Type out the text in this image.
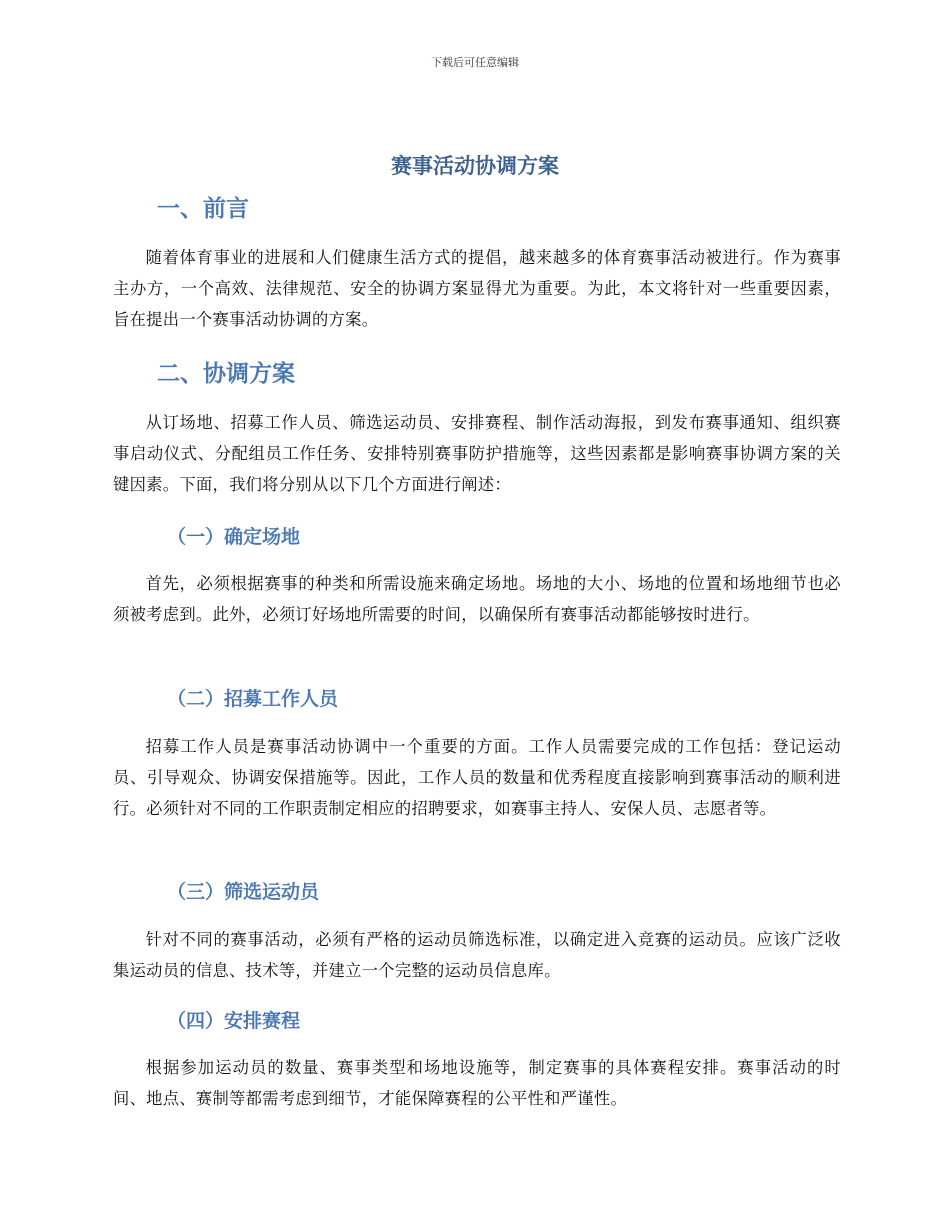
下载后可任意编辑
赛事活动协调方案
一、前言
随着体育事业的进展和人们健康生活方式的提倡，越来越多的体育赛事活动被进行。作为赛事主办方，一个高效、法律规范、安全的协调方案显得尤为重要。为此，本文将针对一些重要因素，旨在提出一个赛事活动协调的方案。
二、协调方案
从订场地、招募工作人员、筛选运动员、安排赛程、制作活动海报，到发布赛事通知、组织赛事启动仪式、分配组员工作任务、安排特别赛事防护措施等，这些因素都是影响赛事协调方案的关键因素。下面，我们将分别从以下几个方面进行阐述：
（一）确定场地
首先，必须根据赛事的种类和所需设施来确定场地。场地的大小、场地的位置和场地细节也必须被考虑到。此外，必须订好场地所需要的时间，以确保所有赛事活动都能够按时进行。
（二）招募工作人员
招募工作人员是赛事活动协调中一个重要的方面。工作人员需要完成的工作包括：登记运动员、引导观众、协调安保措施等。因此，工作人员的数量和优秀程度直接影响到赛事活动的顺利进行。必须针对不同的工作职责制定相应的招聘要求，如赛事主持人、安保人员、志愿者等。
（三）筛选运动员
针对不同的赛事活动，必须有严格的运动员筛选标准，以确定进入竞赛的运动员。应该广泛收集运动员的信息、技术等，并建立一个完整的运动员信息库。
（四）安排赛程
根据参加运动员的数量、赛事类型和场地设施等，制定赛事的具体赛程安排。赛事活动的时间、地点、赛制等都需考虑到细节，才能保障赛程的公平性和严谨性。
